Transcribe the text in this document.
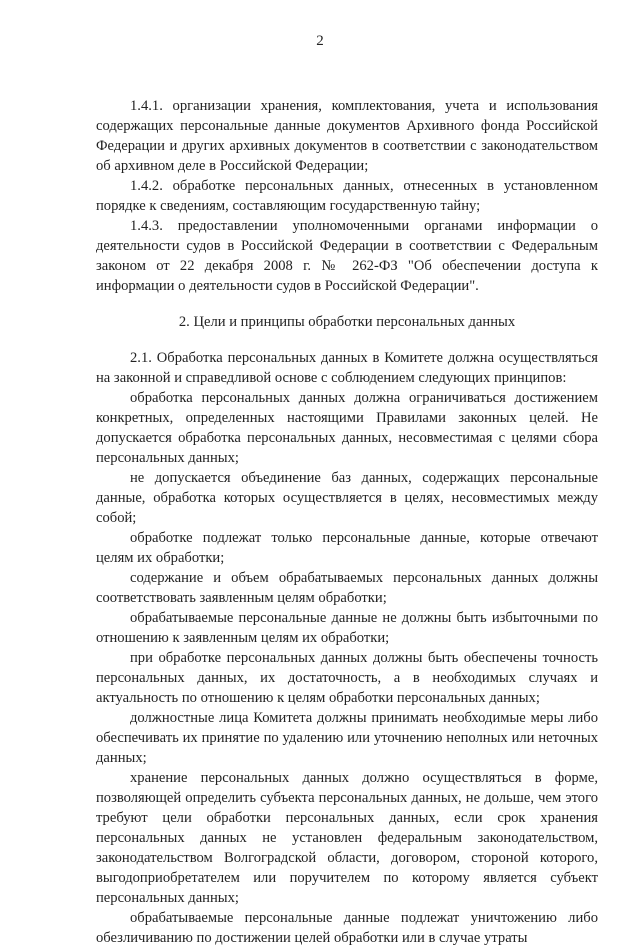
2

1.4.1. организации хранения, комплектования, учета и использования содержащих персональные данные документов Архивного фонда Российской Федерации и других архивных документов в соответствии с законодательством об архивном деле в Российской Федерации;

1.4.2. обработке персональных данных, отнесенных в установленном порядке к сведениям, составляющим государственную тайну;

1.4.3. предоставлении уполномоченными органами информации о деятельности судов в Российской Федерации в соответствии с Федеральным законом от 22 декабря 2008 г. № 262-ФЗ "Об обеспечении доступа к информации о деятельности судов в Российской Федерации".

2. Цели и принципы обработки персональных данных

2.1. Обработка персональных данных в Комитете должна осуществляться на законной и справедливой основе с соблюдением следующих принципов:

обработка персональных данных должна ограничиваться достижением конкретных, определенных настоящими Правилами законных целей. Не допускается обработка персональных данных, несовместимая с целями сбора персональных данных;

не допускается объединение баз данных, содержащих персональные данные, обработка которых осуществляется в целях, несовместимых между собой;

обработке подлежат только персональные данные, которые отвечают целям их обработки;

содержание и объем обрабатываемых персональных данных должны соответствовать заявленным целям обработки;

обрабатываемые персональные данные не должны быть избыточными по отношению к заявленным целям их обработки;

при обработке персональных данных должны быть обеспечены точность персональных данных, их достаточность, а в необходимых случаях и актуальность по отношению к целям обработки персональных данных;

должностные лица Комитета должны принимать необходимые меры либо обеспечивать их принятие по удалению или уточнению неполных или неточных данных;

хранение персональных данных должно осуществляться в форме, позволяющей определить субъекта персональных данных, не дольше, чем этого требуют цели обработки персональных данных, если срок хранения персональных данных не установлен федеральным законодательством, законодательством Волгоградской области, договором, стороной которого, выгодоприобретателем или поручителем по которому является субъект персональных данных;

обрабатываемые персональные данные подлежат уничтожению либо обезличиванию по достижении целей обработки или в случае утраты
